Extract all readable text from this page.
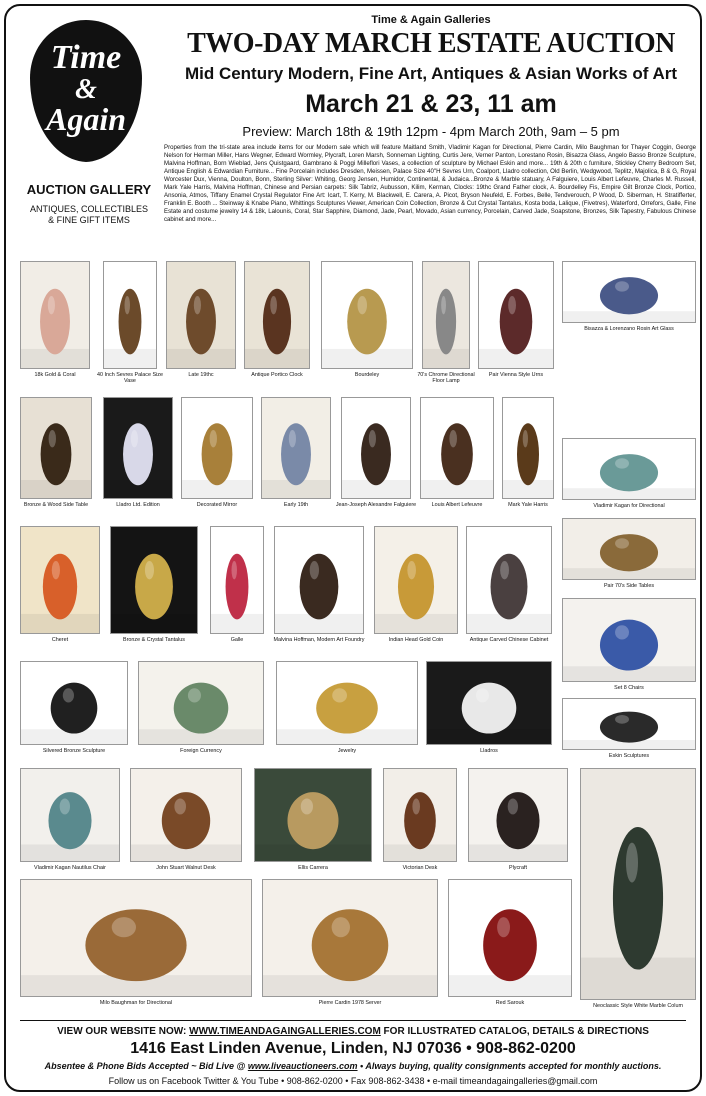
Time
&
Again
AUCTION GALLERY
ANTIQUES, COLLECTIBLES
& FINE GIFT ITEMS
Time & Again Galleries
TWO-DAY MARCH ESTATE AUCTION
Mid Century Modern, Fine Art, Antiques & Asian Works of Art
March 21 & 23, 11 am
Preview: March 18th & 19th 12pm - 4pm March 20th, 9am – 5 pm
Properties from the tri-state area include items for our Modern sale which will feature Maitland Smith, Vladimir Kagan for Directional, Pierre Cardin, Milo Baughman for Thayer Coggin, George Nelson for Herman Miller, Hans Wegner, Edward Wormley, Plycraft, Loren Marsh, Sonneman Lighting, Curtis Jere, Verner Panton, Lorestano Rosin, Bisazza Glass, Angelo Basso Bronze Sculpture, Malvina Hoffman, Born Wieblad, Jens Quistgaard, Gambrano & Poggi Milleflori Vases, a collection of sculpture by Michael Eskin and more... 19th & 20th c furniture, Stickley Cherry Bedroom Set, Antique English & Edwardian Furniture... Fine Porcelain includes Dresden, Meissen, Palace Size 40"H Sevres Urn, Coalport, Lladro collection, Old Berlin, Wedgwood, Teplitz, Majolica, B & G, Royal Worcester Dux, Vienna, Doulton, Bonn, Sterling Silver: Whiting, Georg Jensen, Humidor, Continental, & Judaica...Bronze & Marble statuary, A Falguiere, Louis Albert Lefeuvre, Charles M. Russell, Mark Yale Harris, Malvina Hoffman, Chinese and Persian carpets: Silk Tabriz, Aubusson, Kilim, Kerman, Clocks: 19thc Grand Father clock, A. Bourdelley Fis, Empire Gilt Bronze Clock, Portico, Ansonia, Atmos, Tiffany Enamel Crystal Regulator Fine Art: Icart, T. Kerry, M. Blackwell, E. Carera, A. Picot, Bryson Neufeld, E. Forbes, Belle, Tendverouch, P Wood, D. Siberman, H. Stratifferter, Franklin E. Booth ... Steinway & Knabe Piano, Whittings Sculptures Viewer, American Coin Collection, Bronze & Cut Crystal Tantalus, Kosta boda, Lalique, (Fivetres), Waterford, Orrefors, Galle, Fine Estate and costume jewelry 14 & 18k, Lalounis, Coral, Star Sapphire, Diamond, Jade, Pearl, Movado, Asian currency, Porcelain, Carved Jade, Soapstone, Bronzes, Silk Tapestry, Fabulous Chinese cabinet and more...
18k Gold & Coral	40 Inch Sevres Palace Size Vase
Late 19thc	Antique Portico Clock	Bourdeley	70's Chrome Directional Floor Lamp
Pair Vienna Style Urns
Bisazza & Lorenzano Rosin Art Glass
Bronze & Wood Side Table	Lladro Ltd. Edition	Decorated Mirror	Early 19th	Jean-Joseph Alexandre Falguiere	Louis Albert Lefeuvre	Mark Yale Harris	Vladimir Kagan for Directional
Cheret	Bronze & Crystal Tantalus	Galle	Malvina Hoffman, Modern Art Foundry	Indian Head Gold Coin	Antique Carved Chinese Cabinet
Pair 70's Side Tables
Silvered Bronze Sculpture	Foreign Currency	Jewelry	Lladros
Set 8 Chairs
Eskin Sculptures
Vladimir Kagan Nautilus Chair	John Stuart Walnut Desk	Ellis Carrera	Victorian Desk	Plycraft
Neoclassic Style White Marble Colum
Milo Baughman for Directional	Pierre Cardin 1978 Server	Red Sarouk
VIEW OUR WEBSITE NOW: WWW.TIMEANDAGAINGALLERIES.COM FOR ILLUSTRATED CATALOG, DETAILS & DIRECTIONS
1416 East Linden Avenue, Linden, NJ 07036 • 908-862-0200
Absentee & Phone Bids Accepted ~ Bid Live @ www.liveauctioneers.com • Always buying, quality consignments accepted for monthly auctions.
Follow us on Facebook Twitter & You Tube • 908-862-0200 • Fax 908-862-3438 • e-mail timeandagaingalleries@gmail.com
